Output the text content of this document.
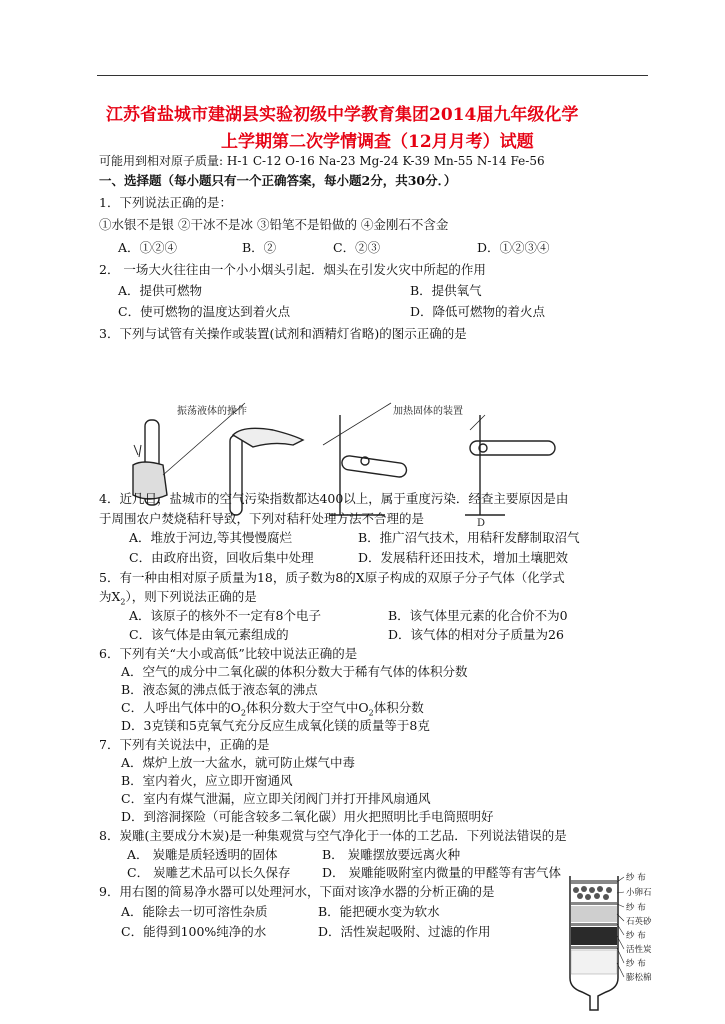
江苏省盐城市建湖县实验初级中学教育集团2014届九年级化学
上学期第二次学情调查（12月月考）试题
可能用到相对原子质量: H-1 C-12 O-16 Na-23 Mg-24 K-39 Mn-55 N-14 Fe-56
一、选择题（每小题只有一个正确答案，每小题2分，共30分．）
1．下列说法正确的是：
①水银不是银 ②干冰不是冰 ③铅笔不是铅做的 ④金刚石不含金
A．①②④	B．②	C．②③	D．①②③④
2． 一场大火往往由一个小小烟头引起．烟头在引发火灾中所起的作用
A．提供可燃物	B．提供氧气
C．使可燃物的温度达到着火点	D．降低可燃物的着火点
3．下列与试管有关操作或装置(试剂和酒精灯省略)的图示正确的是
振荡液体的操作	加热固体的装置
D
4．近几日，盐城市的空气污染指数都达400以上，属于重度污染．经查主要原因是由
于周围农户焚烧秸秆导致，下列对秸秆处理方法不合理的是
A．堆放于河边,等其慢慢腐烂	B．推广沼气技术，用秸秆发酵制取沼气
C．由政府出资，回收后集中处理	D．发展秸秆还田技术，增加土壤肥效
5．有一种由相对原子质量为18，质子数为8的X原子构成的双原子分子气体（化学式
为$X_2$），则下列说法正确的是
A．该原子的核外不一定有8个电子	B．该气体里元素的化合价不为0
C．该气体是由氧元素组成的	D．该气体的相对分子质量为26
6．下列有关“大小或高低”比较中说法正确的是
A．空气的成分中二氧化碳的体积分数大于稀有气体的体积分数
B．液态氮的沸点低于液态氧的沸点
C．人呼出气体中的$O_2$体积分数大于空气中$O_2$体积分数
D．3克镁和5克氧气充分反应生成氧化镁的质量等于8克
7．下列有关说法中，正确的是
A．煤炉上放一大盆水，就可防止煤气中毒
B．室内着火，应立即开窗通风
C．室内有煤气泄漏，应立即关闭阀门并打开排风扇通风
D．到溶洞探险（可能含较多二氧化碳）用火把照明比手电筒照明好
8．炭雕(主要成分木炭)是一种集观赏与空气净化于一体的工艺品．下列说法错误的是
A． 炭雕是质轻透明的固体	B． 炭雕摆放要远离火种
C． 炭雕艺术品可以长久保存	D． 炭雕能吸附室内微量的甲醛等有害气体
9．用右图的简易净水器可以处理河水，下面对该净水器的分析正确的是
A．能除去一切可溶性杂质	B．能把硬水变为软水
C．能得到100%纯净的水	D．活性炭起吸附、过滤的作用
纱 布
小卵石
纱 布
石英砂
纱 布
活性炭
纱 布
膨松棉
